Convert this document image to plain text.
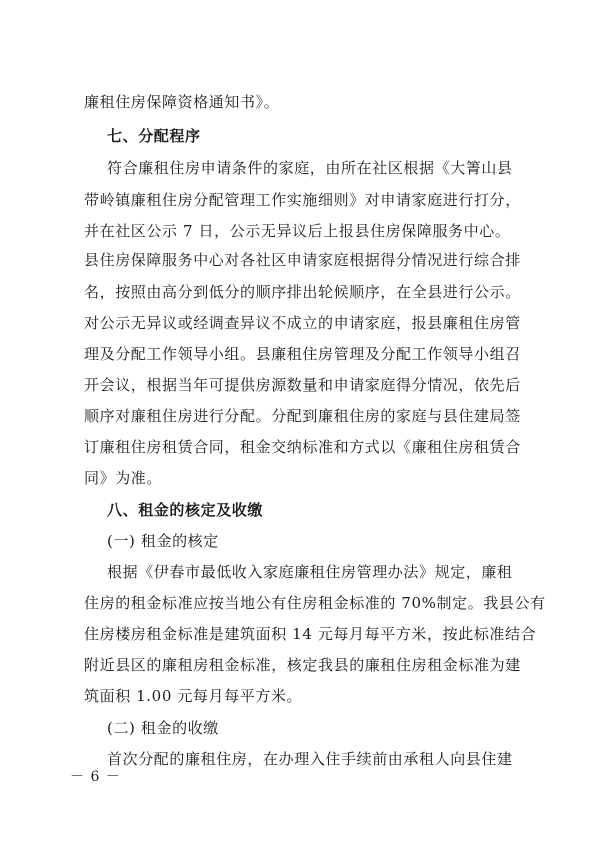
廉租住房保障资格通知书》。
七、分配程序
符合廉租住房申请条件的家庭，由所在社区根据《大箐山县
带岭镇廉租住房分配管理工作实施细则》对申请家庭进行打分，
并在社区公示 7 日，公示无异议后上报县住房保障服务中心。
县住房保障服务中心对各社区申请家庭根据得分情况进行综合排
名，按照由高分到低分的顺序排出轮候顺序，在全县进行公示。
对公示无异议或经调查异议不成立的申请家庭，报县廉租住房管
理及分配工作领导小组。县廉租住房管理及分配工作领导小组召
开会议，根据当年可提供房源数量和申请家庭得分情况，依先后
顺序对廉租住房进行分配。分配到廉租住房的家庭与县住建局签
订廉租住房租赁合同，租金交纳标准和方式以《廉租住房租赁合
同》为准。
八、租金的核定及收缴
(一) 租金的核定
根据《伊春市最低收入家庭廉租住房管理办法》规定，廉租
住房的租金标准应按当地公有住房租金标准的 70%制定。我县公有
住房楼房租金标准是建筑面积 14 元每月每平方米，按此标准结合
附近县区的廉租房租金标准，核定我县的廉租住房租金标准为建
筑面积 1.00 元每月每平方米。
(二) 租金的收缴
首次分配的廉租住房，在办理入住手续前由承租人向县住建
－ 6 －
